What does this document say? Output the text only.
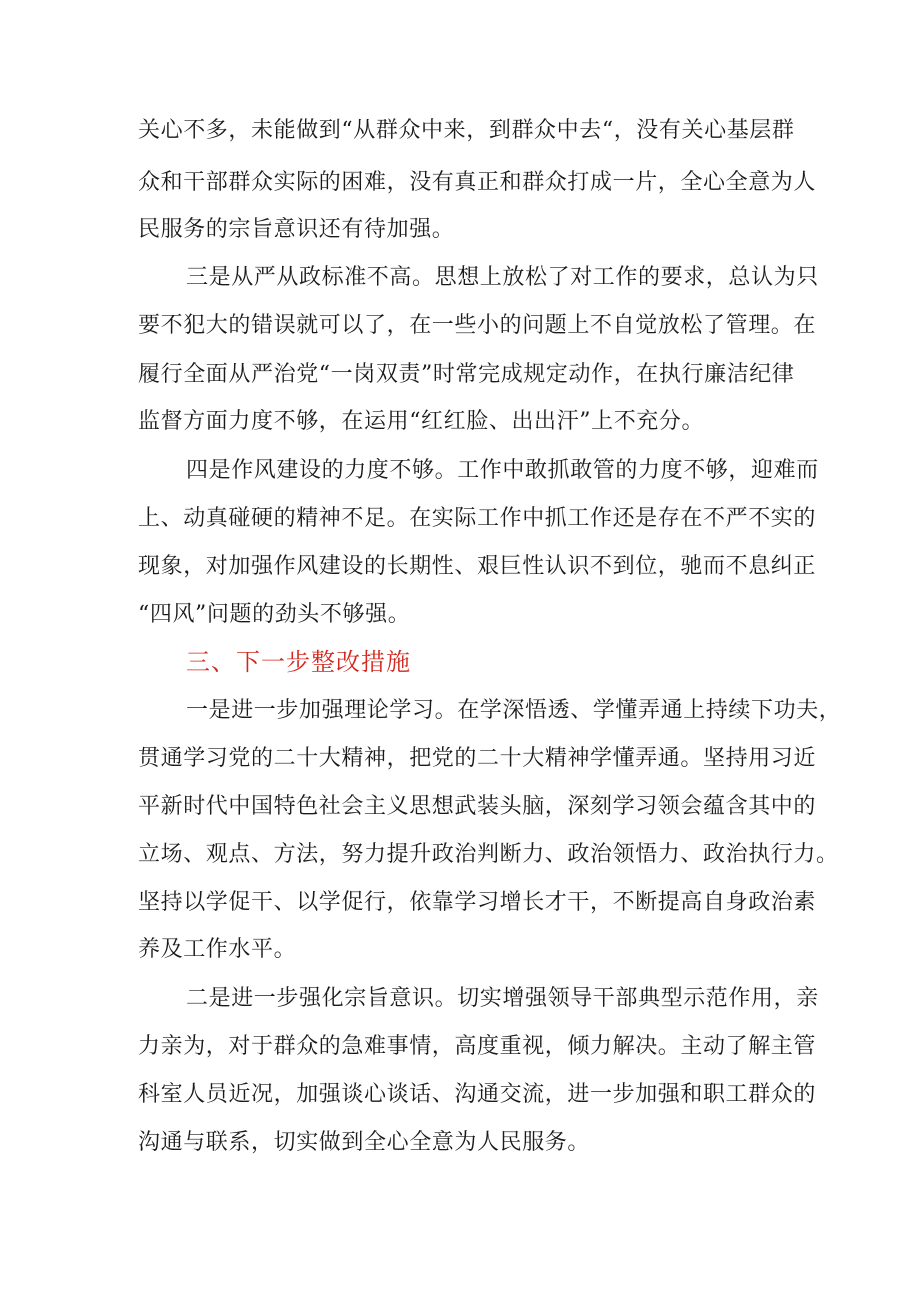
关心不多，未能做到“从群众中来，到群众中去“，没有关心基层群
众和干部群众实际的困难，没有真正和群众打成一片，全心全意为人
民服务的宗旨意识还有待加强。
三是从严从政标准不高。思想上放松了对工作的要求，总认为只
要不犯大的错误就可以了，在一些小的问题上不自觉放松了管理。在
履行全面从严治党“一岗双责”时常完成规定动作，在执行廉洁纪律
监督方面力度不够，在运用“红红脸、出出汗”上不充分。
四是作风建设的力度不够。工作中敢抓敢管的力度不够，迎难而
上、动真碰硬的精神不足。在实际工作中抓工作还是存在不严不实的
现象，对加强作风建设的长期性、艰巨性认识不到位，驰而不息纠正
“四风”问题的劲头不够强。
三、下一步整改措施
一是进一步加强理论学习。在学深悟透、学懂弄通上持续下功夫，
贯通学习党的二十大精神，把党的二十大精神学懂弄通。坚持用习近
平新时代中国特色社会主义思想武装头脑，深刻学习领会蕴含其中的
立场、观点、方法，努力提升政治判断力、政治领悟力、政治执行力。
坚持以学促干、以学促行，依靠学习增长才干，不断提高自身政治素
养及工作水平。
二是进一步强化宗旨意识。切实增强领导干部典型示范作用，亲
力亲为，对于群众的急难事情，高度重视，倾力解决。主动了解主管
科室人员近况，加强谈心谈话、沟通交流，进一步加强和职工群众的
沟通与联系，切实做到全心全意为人民服务。
